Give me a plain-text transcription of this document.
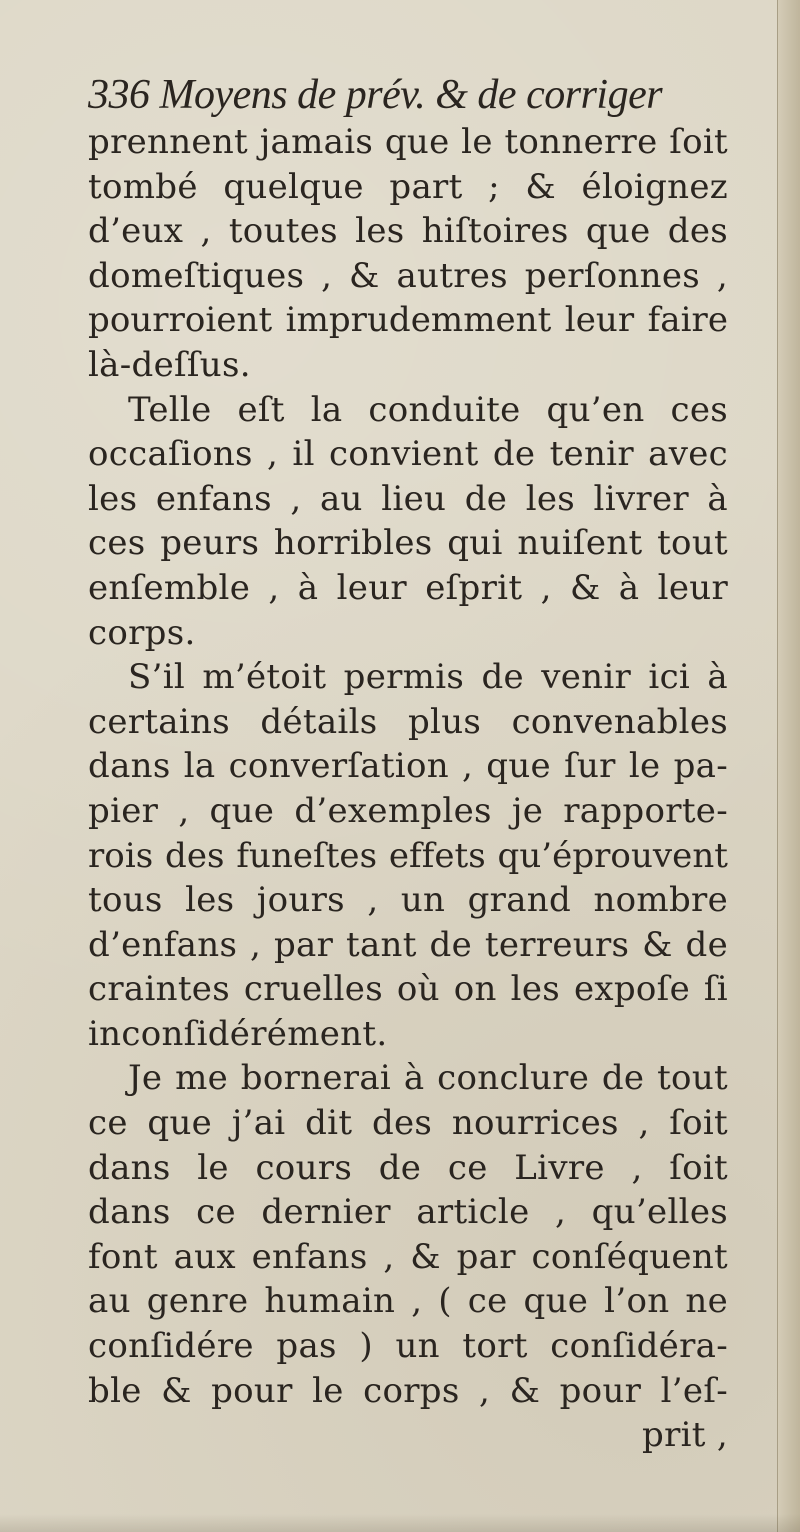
336 Moyens de prév. & de corriger
prennent jamais que le tonnerre ſoit
tombé quelque part ; & éloignez
d’eux , toutes les hiſtoires que des
domeſtiques , & autres perſonnes ,
pourroient imprudemment leur faire
là-deſſus.
Telle eſt la conduite qu’en ces
occaſions , il convient de tenir avec
les enfans , au lieu de les livrer à
ces peurs horribles qui nuiſent tout
enſemble , à leur eſprit , & à leur
corps.
S’il m’étoit permis de venir ici à
certains détails plus convenables
dans la converſation , que ſur le pa-
pier , que d’exemples je rapporte-
rois des funeſtes effets qu’éprouvent
tous les jours , un grand nombre
d’enfans , par tant de terreurs & de
craintes cruelles où on les expoſe ſi
inconſidérément.
Je me bornerai à conclure de tout
ce que j’ai dit des nourrices , ſoit
dans le cours de ce Livre , ſoit
dans ce dernier article , qu’elles
font aux enfans , & par conſéquent
au genre humain , ( ce que l’on ne
conſidére pas ) un tort conſidéra-
ble & pour le corps , & pour l’eſ-
prit ,
